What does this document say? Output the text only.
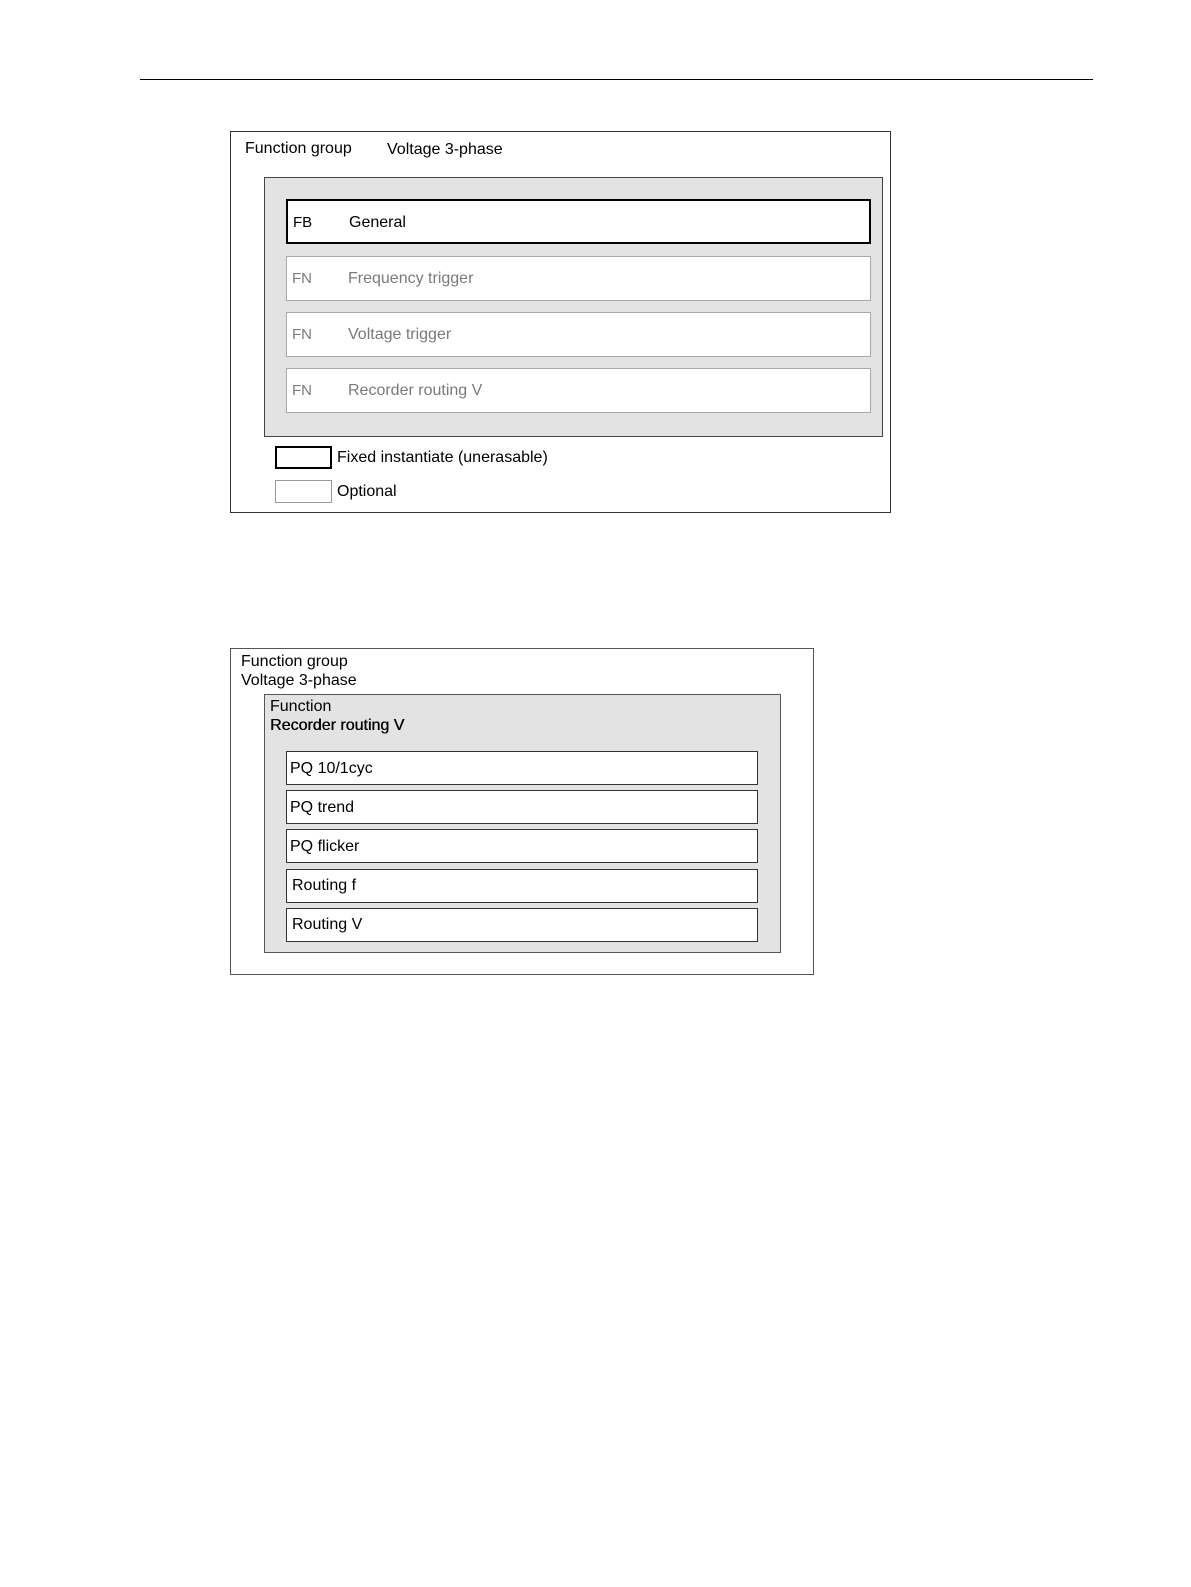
Function group Voltage 3-phase
FB General
FN Frequency trigger
FN Voltage trigger
FN Recorder routing V
Fixed instantiate (unerasable)
Optional
Function group
Voltage 3-phase
Function
Recorder routing V
PQ 10/1cyc
PQ trend
PQ flicker
Routing f
Routing V
